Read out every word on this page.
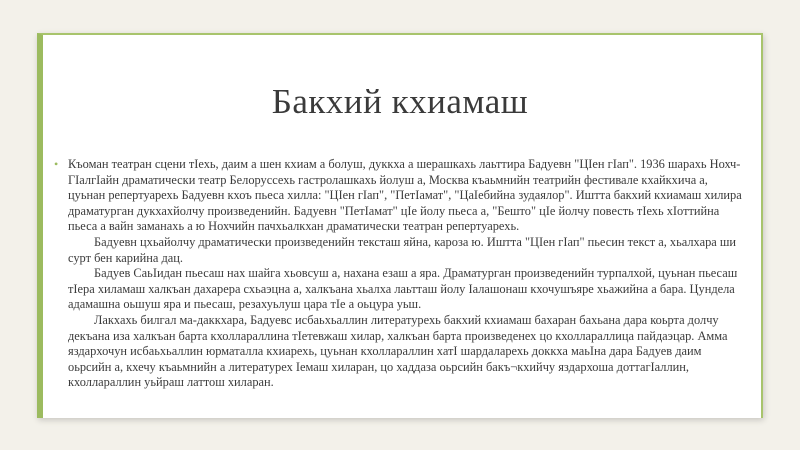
Бакхий кхиамаш
• Къоман театран сцени тIехь, даим а шен кхиам а болуш, дуккха а шерашкахь лаьттира Бадуевн "ЦIен гIап". 1936 шарахь Нохч-ГIалгIайн драматически театр Белоруссехь гастролашкахь йолуш а, Москва къаьмнийн театрийн фестивале кхайкхича а, цуьнан репертуарехь Бадуевн кхоъ пьеса хилла: "ЦIен гIап", "ПетIамат", "ЦаIебийна зудаялор". Иштта бакхий кхиамаш хилира драматурган дукхахйолчу произведенийн. Бадуевн "ПетIамат" цIе йолу пьеса а, "Бешто" цIе йолчу повесть тIехь хIоттийна пьеса а вайн заманахь а ю Нохчийн пачхьалкхан драматически театран репертуарехь.

Бадуевн цхьайолчу драматически произведенийн тексташ яйна, кароза ю. Иштта "ЦIен гIап" пьесин текст а, хьалхара ши сурт бен карийна дац.

Бадуев СаьIидан пьесаш нах шайга хьовсуш а, нахана езаш а яра. Драматурган произведенийн турпалхой, цуьнан пьесаш тIера хиламаш халкъан дахарера схьаэцна а, халкъана хьалха лаьтташ йолу Iалашонаш кхочушъяре хьажийна а бара. Цундела адамашна оьшуш яра и пьесаш, резахуьлуш цара тIе а оьцура уьш.

Лакхахь билгал ма-даккхара, Бадуевс исбаьхьаллин литературехь бакхий кхиамаш бахаран бахьана дара коьрта долчу декъана иза халкъан барта кхоллараллина тIетевжаш хилар, халкъан барта произведенех цо кхоллараллица пайдаэцар. Амма яздархочун исбаьхьаллин юрматалла кхиарехь, цуьнан кхоллараллин хатI шардаларехь доккха маьIна дара Бадуев даим оьрсийн а, кхечу къаьмнийн а литературех Iемаш хиларан, цо хаддаза оьрсийн бакъ¬кхийчу яздархоша доттагIаллин, кхоллараллин уьйраш латтош хиларан.
